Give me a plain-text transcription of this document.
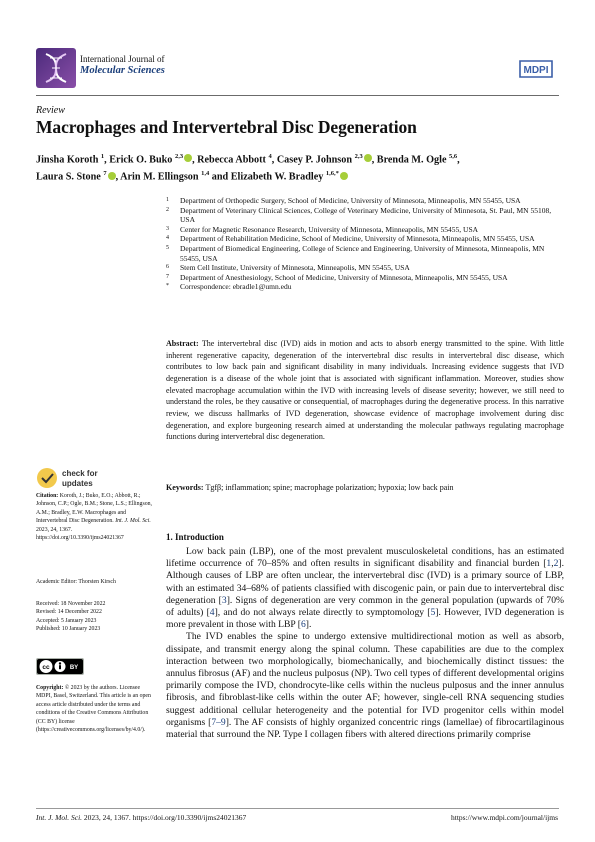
International Journal of
Molecular Sciences	MDPI
Review
Macrophages and Intervertebral Disc Degeneration
Jinsha Koroth $^1$, Erick O. Buko $^{2,3}$ , Rebecca Abbott $^4$, Casey P. Johnson $^{2,3}$ , Brenda M. Ogle $^{5,6}$,
Laura S. Stone $^7$ , Arin M. Ellingson $^{1,4}$ and Elizabeth W. Bradley $^{1,6,*}$
1 Department of Orthopedic Surgery, School of Medicine, University of Minnesota, Minneapolis, MN 55455, USA
2 Department of Veterinary Clinical Sciences, College of Veterinary Medicine, University of Minnesota, St. Paul, MN 55108, USA
3 Center for Magnetic Resonance Research, University of Minnesota, Minneapolis, MN 55455, USA
4 Department of Rehabilitation Medicine, School of Medicine, University of Minnesota, Minneapolis, MN 55455, USA
5 Department of Biomedical Engineering, College of Science and Engineering, University of Minnesota, Minneapolis, MN 55455, USA
6 Stem Cell Institute, University of Minnesota, Minneapolis, MN 55455, USA
7 Department of Anesthesiology, School of Medicine, University of Minnesota, Minneapolis, MN 55455, USA
* Correspondence: ebradle1@umn.edu
Abstract: The intervertebral disc (IVD) aids in motion and acts to absorb energy transmitted to the spine. With little inherent regenerative capacity, degeneration of the intervertebral disc results in intervertebral disc disease, which contributes to low back pain and significant disability in many individuals. Increasing evidence suggests that IVD degeneration is a disease of the whole joint that is associated with significant inflammation. Moreover, studies show elevated macrophage accumulation within the IVD with increasing levels of disease severity; however, we still need to understand the roles, be they causative or consequential, of macrophages during the degenerative process. In this narrative review, we discuss hallmarks of IVD degeneration, showcase evidence of macrophage involvement during disc degeneration, and explore burgeoning research aimed at understanding the molecular pathways regulating macrophage functions during intervertebral disc degeneration.
Keywords: Tgfβ; inflammation; spine; macrophage polarization; hypoxia; low back pain
check for
updates
Citation: Koroth, J.; Buko, E.O.; Abbott, R.; Johnson, C.P.; Ogle, B.M.; Stone, L.S.; Ellingson, A.M.; Bradley, E.W. Macrophages and Intervertebral Disc Degeneration. Int. J. Mol. Sci. 2023, 24, 1367. https://doi.org/10.3390/ijms24021367
Academic Editor: Thorsten Kirsch
Received: 18 November 2022
Revised: 14 December 2022
Accepted: 5 January 2023
Published: 10 January 2023
cc	BY
Copyright: © 2023 by the authors. Licensee MDPI, Basel, Switzerland. This article is an open access article distributed under the terms and conditions of the Creative Commons Attribution (CC BY) license (https://creativecommons.org/licenses/by/4.0/).
1. Introduction

Low back pain (LBP), one of the most prevalent musculoskeletal conditions, has an estimated lifetime occurrence of 70–85% and often results in significant disability and financial burden [1,2]. Although causes of LBP are often unclear, the intervertebral disc (IVD) is a primary source of LBP, with an estimated 34–68% of patients classified with discogenic pain, or pain due to intervertebral disc degeneration [3]. Signs of degeneration are very common in the general population (upwards of 70% of adults) [4], and do not always relate directly to symptomology [5]. However, IVD degeneration is more prevalent in those with LBP [6].

The IVD enables the spine to undergo extensive multidirectional motion as well as absorb, dissipate, and transmit energy along the spinal column. These capabilities are due to the complex interaction between two morphologically, biomechanically, and biochemically distinct tissues: the annulus fibrosus (AF) and the nucleus pulposus (NP). Two cell types of different developmental origins primarily compose the IVD, chondrocyte-like cells within the nucleus pulposus and the inner annulus fibrosis, and fibroblast-like cells within the outer AF; however, single-cell RNA sequencing studies suggest additional cellular heterogeneity and the potential for IVD progenitor cells within model organisms [7–9]. The AF consists of highly organized concentric rings (lamellae) of fibrocartilaginous material that surround the NP. Type I collagen fibers with altered directions primarily comprise

Int. J. Mol. Sci. 2023, 24, 1367. https://doi.org/10.3390/ijms24021367	https://www.mdpi.com/journal/ijms
